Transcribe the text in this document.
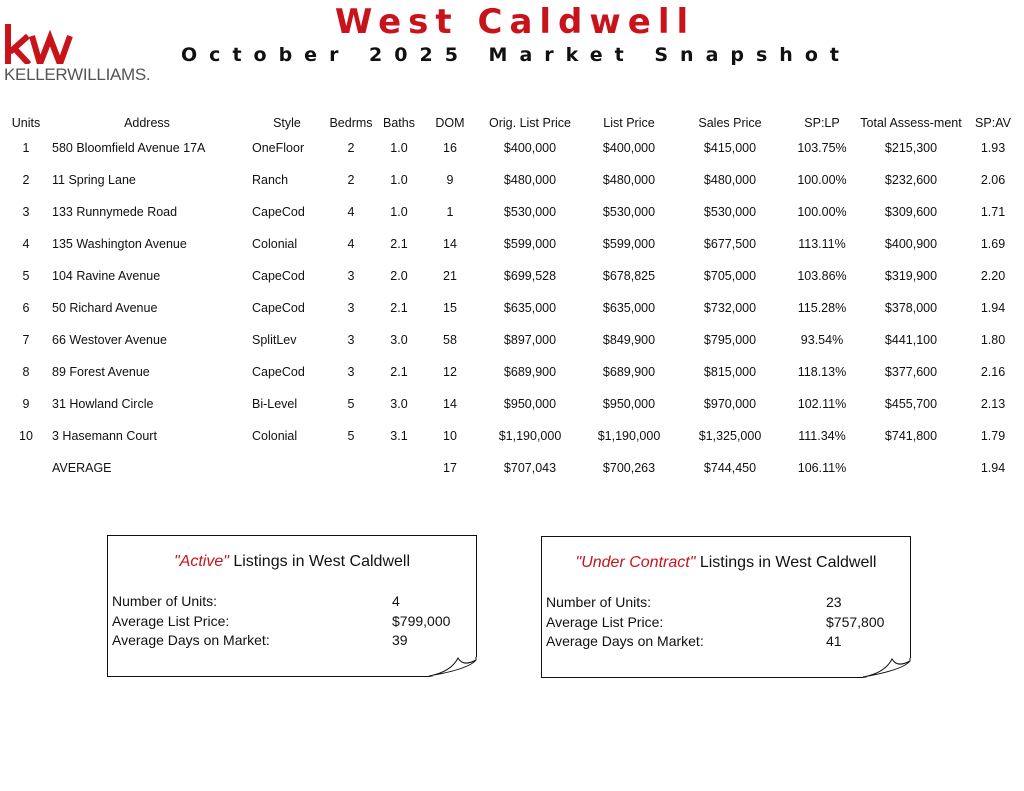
KELLERWILLIAMS.
West Caldwell
October 2025 Market Snapshot
Units	Address	Style	Bedrms	Baths	DOM	Orig. List Price	List Price	Sales Price	SP:LP	Total Assess-ment	SP:AV
1	580 Bloomfield Avenue 17A	OneFloor	2	1.0	16	$400,000	$400,000	$415,000	103.75%	$215,300	1.93
2	11 Spring Lane	Ranch	2	1.0	9	$480,000	$480,000	$480,000	100.00%	$232,600	2.06
3	133 Runnymede Road	CapeCod	4	1.0	1	$530,000	$530,000	$530,000	100.00%	$309,600	1.71
4	135 Washington Avenue	Colonial	4	2.1	14	$599,000	$599,000	$677,500	113.11%	$400,900	1.69
5	104 Ravine Avenue	CapeCod	3	2.0	21	$699,528	$678,825	$705,000	103.86%	$319,900	2.20
6	50 Richard Avenue	CapeCod	3	2.1	15	$635,000	$635,000	$732,000	115.28%	$378,000	1.94
7	66 Westover Avenue	SplitLev	3	3.0	58	$897,000	$849,900	$795,000	93.54%	$441,100	1.80
8	89 Forest Avenue	CapeCod	3	2.1	12	$689,900	$689,900	$815,000	118.13%	$377,600	2.16
9	31 Howland Circle	Bi-Level	5	3.0	14	$950,000	$950,000	$970,000	102.11%	$455,700	2.13
10	3 Hasemann Court	Colonial	5	3.1	10	$1,190,000	$1,190,000	$1,325,000	111.34%	$741,800	1.79
	AVERAGE				17	$707,043	$700,263	$744,450	106.11%		1.94
"Active" Listings in West Caldwell
Number of Units:	4
Average List Price:	$799,000
Average Days on Market:	39
"Under Contract" Listings in West Caldwell
Number of Units:	23
Average List Price:	$757,800
Average Days on Market:	41
